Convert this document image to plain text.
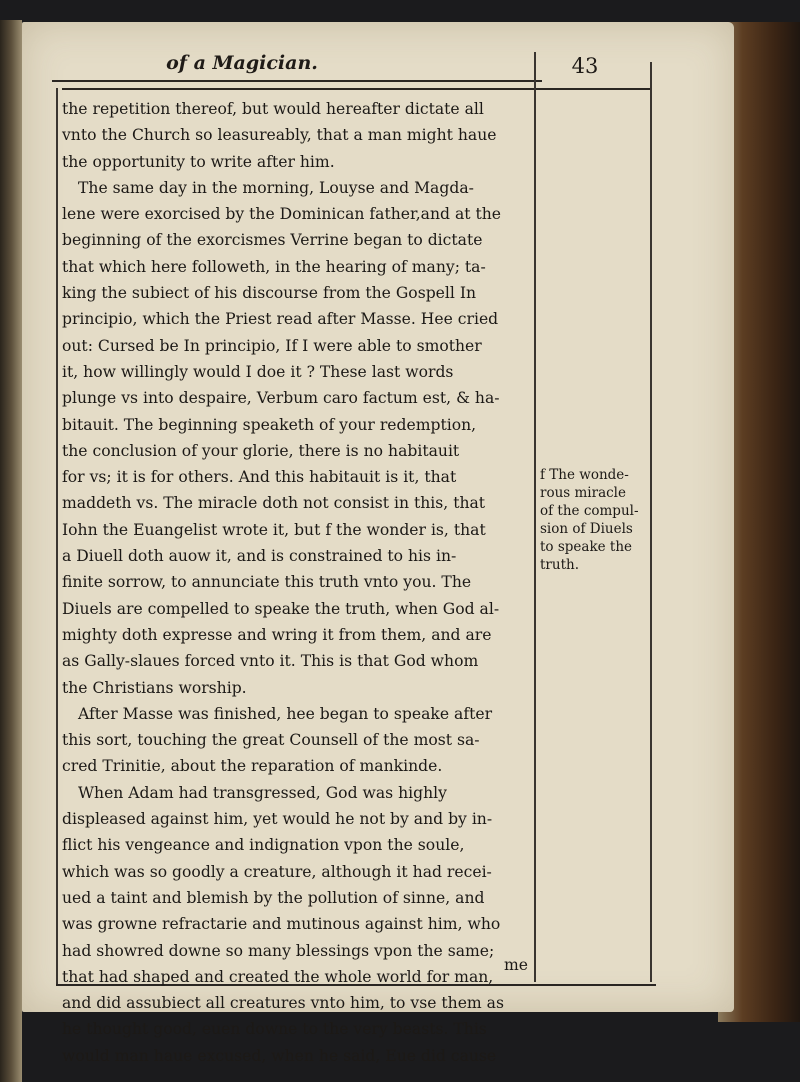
of a Magician.	43
the repetition thereof, but would hereafter dictate all
vnto the Church so leasureably, that a man might haue
the opportunity to write after him.
The same day in the morning, Louyse and Magda-
lene were exorcised by the Dominican father,and at the
beginning of the exorcismes Verrine began to dictate
that which here followeth, in the hearing of many; ta-
king the subiect of his discourse from the Gospell In
principio, which the Priest read after Masse. Hee cried
out: Cursed be In principio, If I were able to smother
it, how willingly would I doe it ? These last words
plunge vs into despaire, Verbum caro factum est, & ha-
bitauit. The beginning speaketh of your redemption,
the conclusion of your glorie, there is no habitauit
for vs; it is for others. And this habitauit is it, that
maddeth vs. The miracle doth not consist in this, that
Iohn the Euangelist wrote it, but f the wonder is, that
a Diuell doth auow it, and is constrained to his in-
finite sorrow, to annunciate this truth vnto you. The
Diuels are compelled to speake the truth, when God al-
mighty doth expresse and wring it from them, and are
as Gally-slaues forced vnto it. This is that God whom
the Christians worship.
After Masse was finished, hee began to speake after
this sort, touching the great Counsell of the most sa-
cred Trinitie, about the reparation of mankinde.
When Adam had transgressed, God was highly
displeased against him, yet would he not by and by in-
flict his vengeance and indignation vpon the soule,
which was so goodly a creature, although it had recei-
ued a taint and blemish by the pollution of sinne, and
was growne refractarie and mutinous against him, who
had showred downe so many blessings vpon the same;
that had shaped and created the whole world for man,
and did assubiect all creatures vnto him, to vse them as
he thought good, euen downe to the very beasts. This
would man haue excused, when he said, Eue did cause
me
f The wonde-
rous miracle
of the compul-
sion of Diuels
to speake the
truth.
